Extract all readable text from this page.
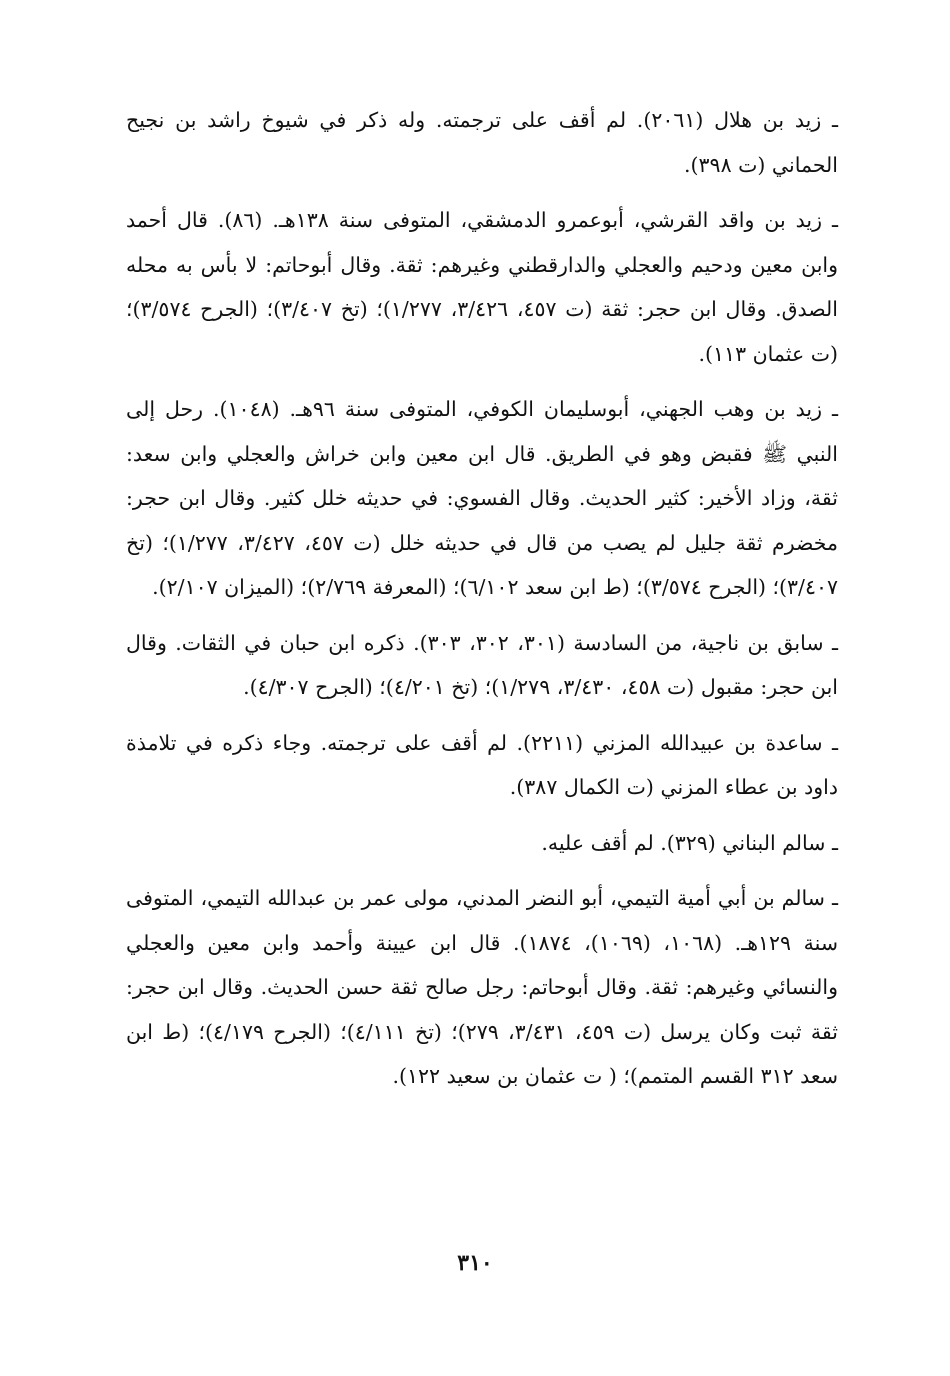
ـ زيد بن هلال (٢٠٦١). لم أقف على ترجمته. وله ذكر في شيوخ راشد بن نجيح الحماني (ت ٣٩٨).

ـ زيد بن واقد القرشي، أبوعمرو الدمشقي، المتوفى سنة ١٣٨هـ. (٨٦). قال أحمد وابن معين ودحيم والعجلي والدارقطني وغيرهم: ثقة. وقال أبوحاتم: لا بأس به محله الصدق. وقال ابن حجر: ثقة (ت ٤٥٧، ٣/٤٢٦، ١/٢٧٧)؛ (تخ ٣/٤٠٧)؛ (الجرح ٣/٥٧٤)؛ (ت عثمان ١١٣).

ـ زيد بن وهب الجهني، أبوسليمان الكوفي، المتوفى سنة ٩٦هـ. (١٠٤٨). رحل إلى النبي ﷺ فقبض وهو في الطريق. قال ابن معين وابن خراش والعجلي وابن سعد: ثقة، وزاد الأخير: كثير الحديث. وقال الفسوي: في حديثه خلل كثير. وقال ابن حجر: مخضرم ثقة جليل لم يصب من قال في حديثه خلل (ت ٤٥٧، ٣/٤٢٧، ١/٢٧٧)؛ (تخ ٣/٤٠٧)؛ (الجرح ٣/٥٧٤)؛ (ط ابن سعد ٦/١٠٢)؛ (المعرفة ٢/٧٦٩)؛ (الميزان ٢/١٠٧).

ـ سابق بن ناجية، من السادسة (٣٠١، ٣٠٢، ٣٠٣). ذكره ابن حبان في الثقات. وقال ابن حجر: مقبول (ت ٤٥٨، ٣/٤٣٠، ١/٢٧٩)؛ (تخ ٤/٢٠١)؛ (الجرح ٤/٣٠٧).

ـ ساعدة بن عبيدالله المزني (٢٢١١). لم أقف على ترجمته. وجاء ذكره في تلامذة داود بن عطاء المزني (ت الكمال ٣٨٧).

ـ سالم البناني (٣٢٩). لم أقف عليه.

ـ سالم بن أبي أمية التيمي، أبو النضر المدني، مولى عمر بن عبدالله التيمي، المتوفى سنة ١٢٩هـ. (١٠٦٨، (١٠٦٩)، ١٨٧٤). قال ابن عيينة وأحمد وابن معين والعجلي والنسائي وغيرهم: ثقة. وقال أبوحاتم: رجل صالح ثقة حسن الحديث. وقال ابن حجر: ثقة ثبت وكان يرسل (ت ٤٥٩، ٣/٤٣١، ٢٧٩)؛ (تخ ٤/١١١)؛ (الجرح ٤/١٧٩)؛ (ط ابن سعد ٣١٢ القسم المتمم)؛ ( ت عثمان بن سعيد ١٢٢).

٣١٠
